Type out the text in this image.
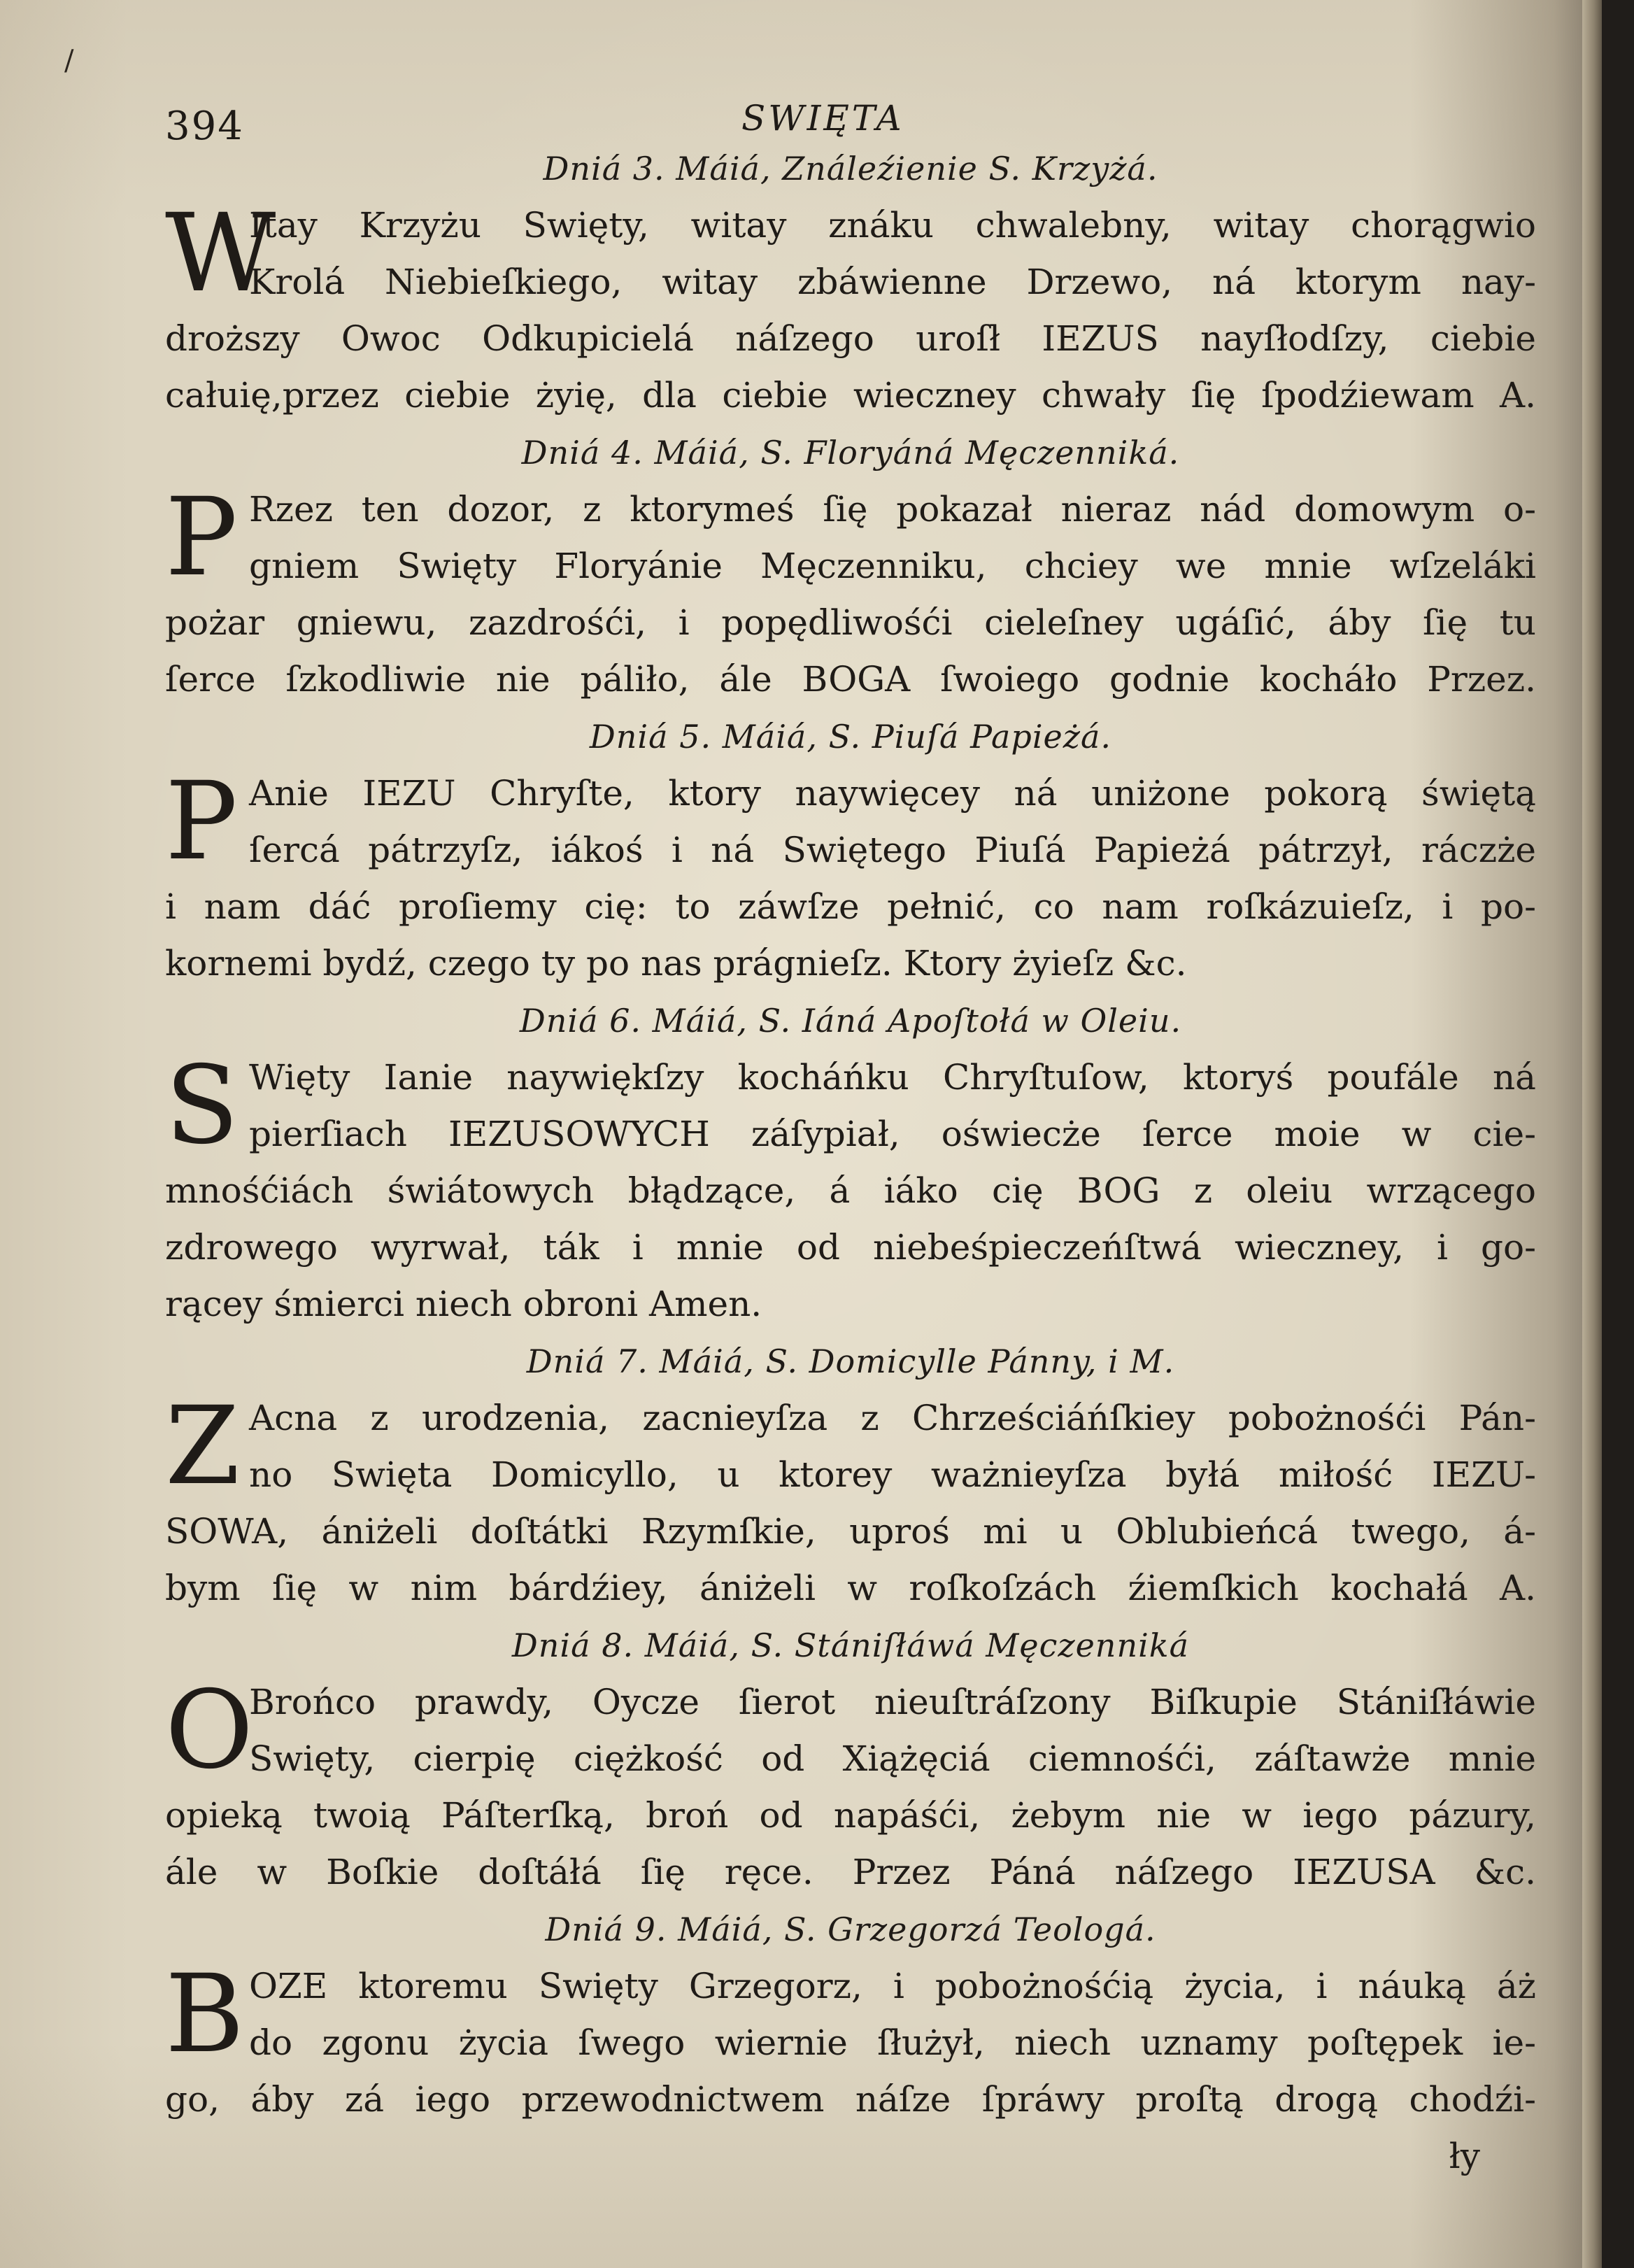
/
394	SWIĘTA
Dniá 3. Máiá, Ználeźienie S. Krzyżá.
W
Itay Krzyżu Swięty, witay znáku chwalebny, witay chorągwio
Krolá Niebieſkiego, witay zbáwienne Drzewo, ná ktorym nay-
droższy Owoc Odkupicielá náſzego uroſł IEZUS nayſłodſzy, ciebie
całuię,przez ciebie żyię, dla ciebie wieczney chwały ſię ſpodźiewam A.
Dniá 4. Máiá, S. Floryáná Męczenniká.
P Rzez ten dozor, z ktorymeś ſię pokazał nieraz nád domowym o-
gniem Swięty Floryánie Męczenniku, chciey we mnie wſzeláki
pożar gniewu, zazdrośći, i popędliwośći cieleſney ugáſić, áby ſię tu
ſerce ſzkodliwie nie páliło, ále BOGA ſwoiego godnie kocháło Przez.
Dniá 5. Máiá, S. Piuſá Papieżá.
P Anie IEZU Chryſte, ktory naywięcey ná uniżone pokorą świętą
ſercá pátrzyſz, iákoś i ná Swiętego Piuſá Papieżá pátrzył, ráczże
i nam dáć proſiemy cię: to záwſze pełnić, co nam roſkázuieſz, i po-
kornemi bydź, czego ty po nas prágnieſz. Ktory żyieſz &c.
Dniá 6. Máiá, S. Iáná Apoſtołá w Oleiu.
S Więty Ianie naywiękſzy kocháńku Chryſtuſow, ktoryś poufále ná
pierſiach IEZUSOWYCH záſypiał, oświecże ſerce moie w cie-
mnośćiách świátowych błądzące, á iáko cię BOG z oleiu wrzącego
zdrowego wyrwał, ták i mnie od niebeśpieczeńſtwá wieczney, i go-
rącey śmierci niech obroni Amen.
Dniá 7. Máiá, S. Domicylle Pánny, i M.
Z Acna z urodzenia, zacnieyſza z Chrześciáńſkiey pobożnośći Pán-
no Swięta Domicyllo, u ktorey ważnieyſza byłá miłość IEZU-
SOWA, ániżeli doſtátki Rzymſkie, uproś mi u Oblubieńcá twego, á-
bym ſię w nim bárdźiey, ániżeli w roſkoſzách źiemſkich kochałá A.
Dniá 8. Máiá, S. Stániſłáwá Męczenniká
O
Brońco prawdy, Oycze ſierot nieuſtráſzony Biſkupie Stániſłáwie
Swięty, cierpię ciężkość od Xiążęciá ciemnośći, záſtawże mnie
opieką twoią Páſterſką, broń od napáśći, żebym nie w iego pázury,
ále w Boſkie doſtáłá ſię ręce. Przez Páná náſzego IEZUSA &c.
Dniá 9. Máiá, S. Grzegorzá Teologá.
B OZE ktoremu Swięty Grzegorz, i pobożnośćią życia, i náuką áż
do zgonu życia ſwego wiernie ſłużył, niech uznamy poſtępek ie-
go, áby zá iego przewodnictwem náſze ſpráwy proſtą drogą chodźi-
ły
